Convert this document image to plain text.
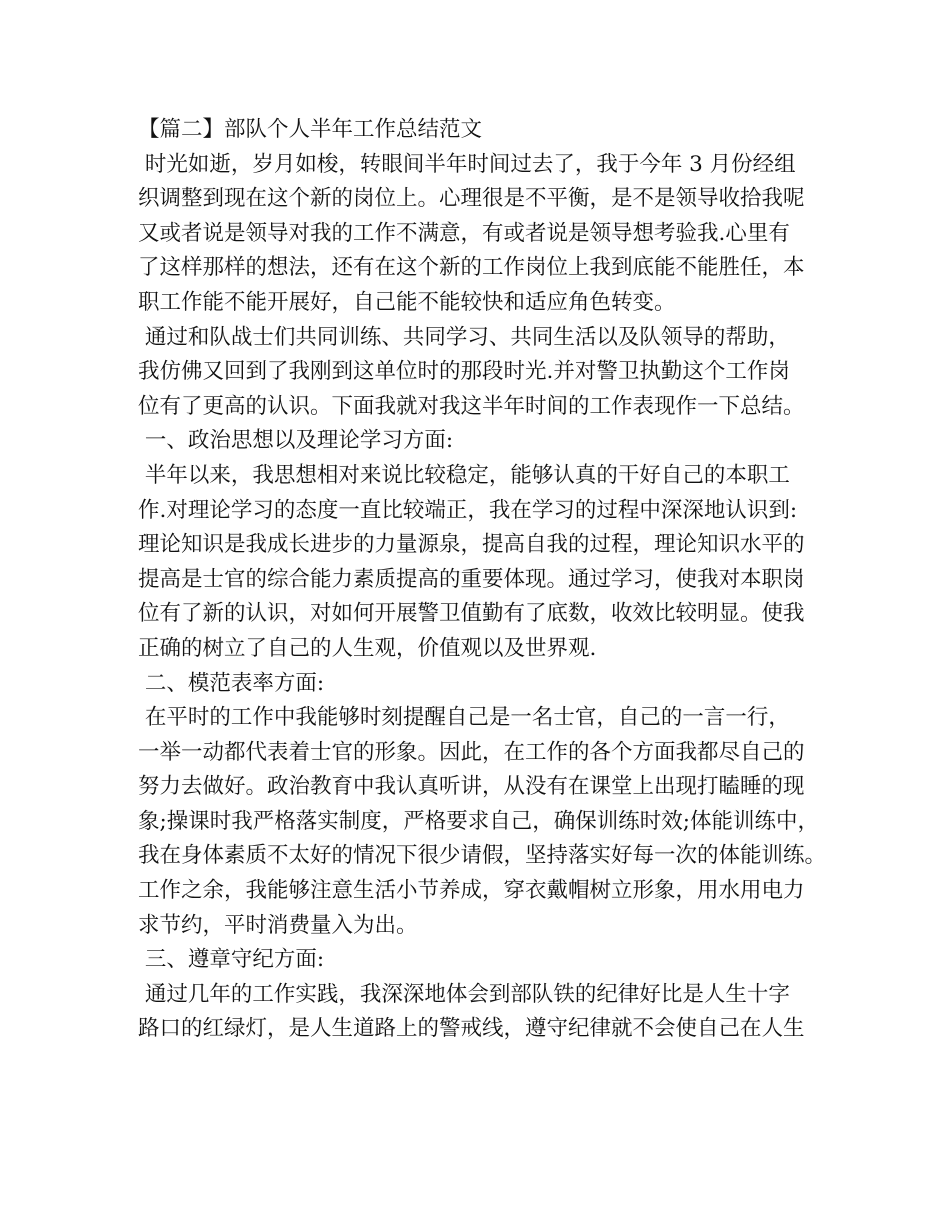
【篇二】部队个人半年工作总结范文
时光如逝，岁月如梭，转眼间半年时间过去了，我于今年 3 月份经组
织调整到现在这个新的岗位上。心理很是不平衡，是不是领导收拾我呢
又或者说是领导对我的工作不满意，有或者说是领导想考验我.心里有
了这样那样的想法，还有在这个新的工作岗位上我到底能不能胜任，本
职工作能不能开展好，自己能不能较快和适应角色转变。
通过和队战士们共同训练、共同学习、共同生活以及队领导的帮助，
我仿佛又回到了我刚到这单位时的那段时光.并对警卫执勤这个工作岗
位有了更高的认识。下面我就对我这半年时间的工作表现作一下总结。
一、政治思想以及理论学习方面:
半年以来，我思想相对来说比较稳定，能够认真的干好自己的本职工
作.对理论学习的态度一直比较端正，我在学习的过程中深深地认识到:
理论知识是我成长进步的力量源泉，提高自我的过程，理论知识水平的
提高是士官的综合能力素质提高的重要体现。通过学习，使我对本职岗
位有了新的认识，对如何开展警卫值勤有了底数，收效比较明显。使我
正确的树立了自己的人生观，价值观以及世界观.
二、模范表率方面:
在平时的工作中我能够时刻提醒自己是一名士官，自己的一言一行，
一举一动都代表着士官的形象。因此，在工作的各个方面我都尽自己的
努力去做好。政治教育中我认真听讲，从没有在课堂上出现打瞌睡的现
象;操课时我严格落实制度，严格要求自己，确保训练时效;体能训练中，
我在身体素质不太好的情况下很少请假，坚持落实好每一次的体能训练。
工作之余，我能够注意生活小节养成，穿衣戴帽树立形象，用水用电力
求节约，平时消费量入为出。
三、遵章守纪方面:
通过几年的工作实践，我深深地体会到部队铁的纪律好比是人生十字
路口的红绿灯，是人生道路上的警戒线，遵守纪律就不会使自己在人生
